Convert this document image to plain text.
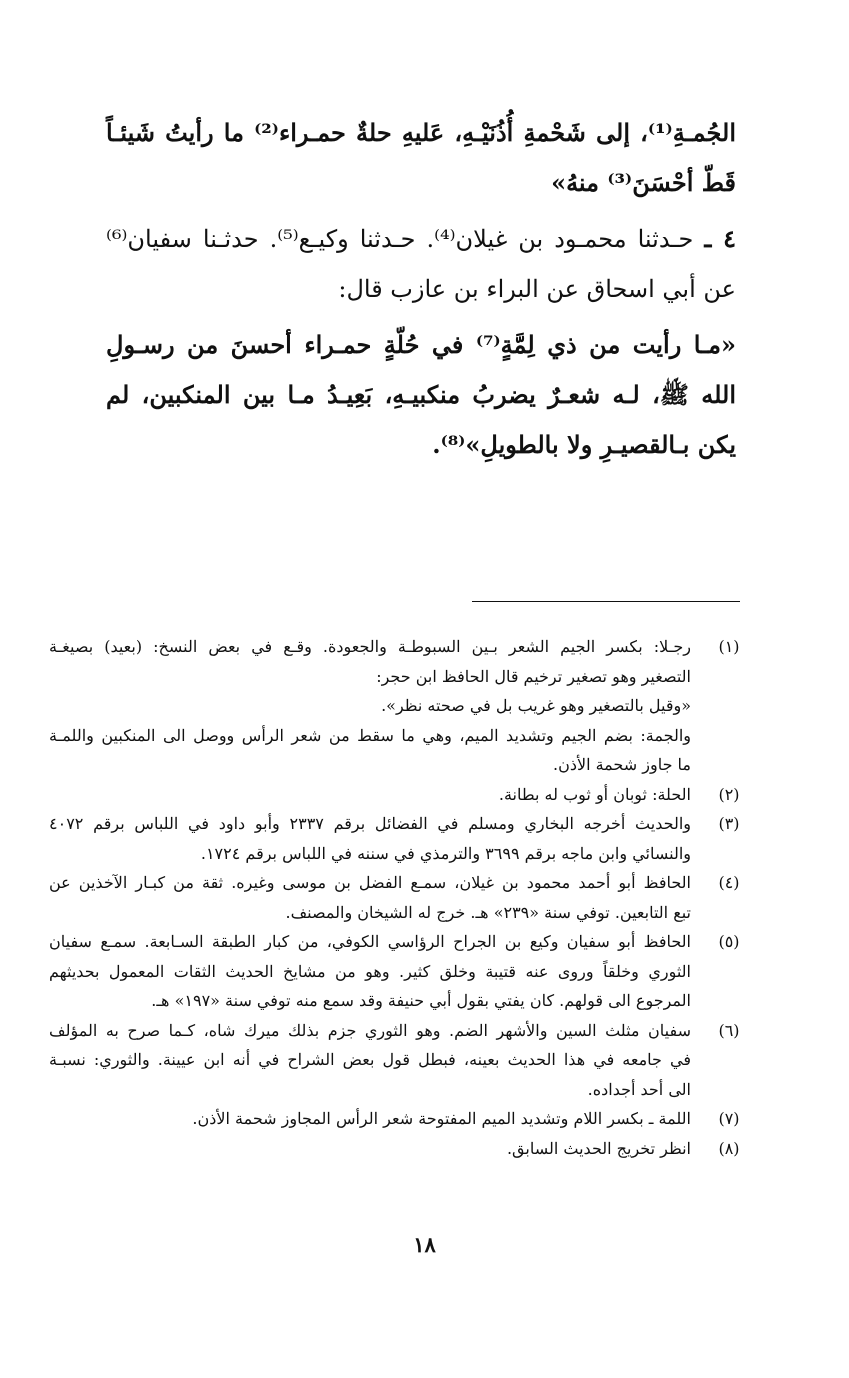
الجُمـةِ⁽¹⁾، إلى شَحْمةِ أُذُنَيْـهِ، عَليهِ حلةٌ حمـراء⁽²⁾ ما رأيتُ شَيئـاً قَطّ أحْسَنَ⁽³⁾ منهُ»

٤ ـ حـدثنا محمـود بن غيلان⁽⁴⁾. حـدثنا وكيـع⁽⁵⁾. حدثـنا سفيان⁽⁶⁾ عن أبي اسحاق عن البراء بن عازب قال:

«مـا رأيت من ذي لِمَّةٍ⁽⁷⁾ في حُلّةٍ حمـراء أحسنَ من رسـولِ الله ﷺ، لـه شعـرٌ يضربُ منكبيـهِ، بَعِيـدُ مـا بين المنكبين، لم يكن بـالقصيـرِ ولا بالطويلِ»⁽⁸⁾.

(١)
رجـلا: بكسر الجيم الشعر بـين السبوطـة والجعودة. وقـع في بعض النسخ: (بعيد) بصيغـة
التصغير وهو تصغير ترخيم قال الحافظ ابن حجر:
«وقيل بالتصغير وهو غريب بل في صحته نظر».
والجمة: بضم الجيم وتشديد الميم، وهي ما سقط من شعر الرأس ووصل الى المنكبين واللمـة
ما جاوز شحمة الأذن.
(٢)
الحلة: ثوبان أو ثوب له بطانة.
(٣)
والحديث أخرجه البخاري ومسلم في الفضائل برقم ٢٣٣٧ وأبو داود في اللباس برقم ٤٠٧٢
والنسائي وابن ماجه برقم ٣٦٩٩ والترمذي في سننه في اللباس برقم ١٧٢٤.
(٤)
الحافظ أبو أحمد محمود بن غيلان، سمـع الفضل بن موسى وغيره. ثقة من كبـار الآخذين عن
تبع التابعين. توفي سنة «٢٣٩» هـ. خرج له الشيخان والمصنف.
(٥)
الحافظ أبو سفيان وكيع بن الجراح الرؤاسي الكوفي، من كبار الطبقة السـابعة. سمـع سفيان
الثوري وخلقاً وروى عنه قتيبة وخلق كثير. وهو من مشايخ الحديث الثقات المعمول بحديثهم
المرجوع الى قولهم. كان يفتي بقول أبي حنيفة وقد سمع منه توفي سنة «١٩٧» هـ.
(٦)
سفيان مثلث السين والأشهر الضم. وهو الثوري جزم بذلك ميرك شاه، كـما صرح به المؤلف
في جامعه في هذا الحديث بعينه، فبطل قول بعض الشراح في أنه ابن عيينة. والثوري: نسبـة
الى أحد أجداده.
(٧)
اللمة ـ بكسر اللام وتشديد الميم المفتوحة شعر الرأس المجاوز شحمة الأذن.
(٨)
انظر تخريج الحديث السابق.
١٨
